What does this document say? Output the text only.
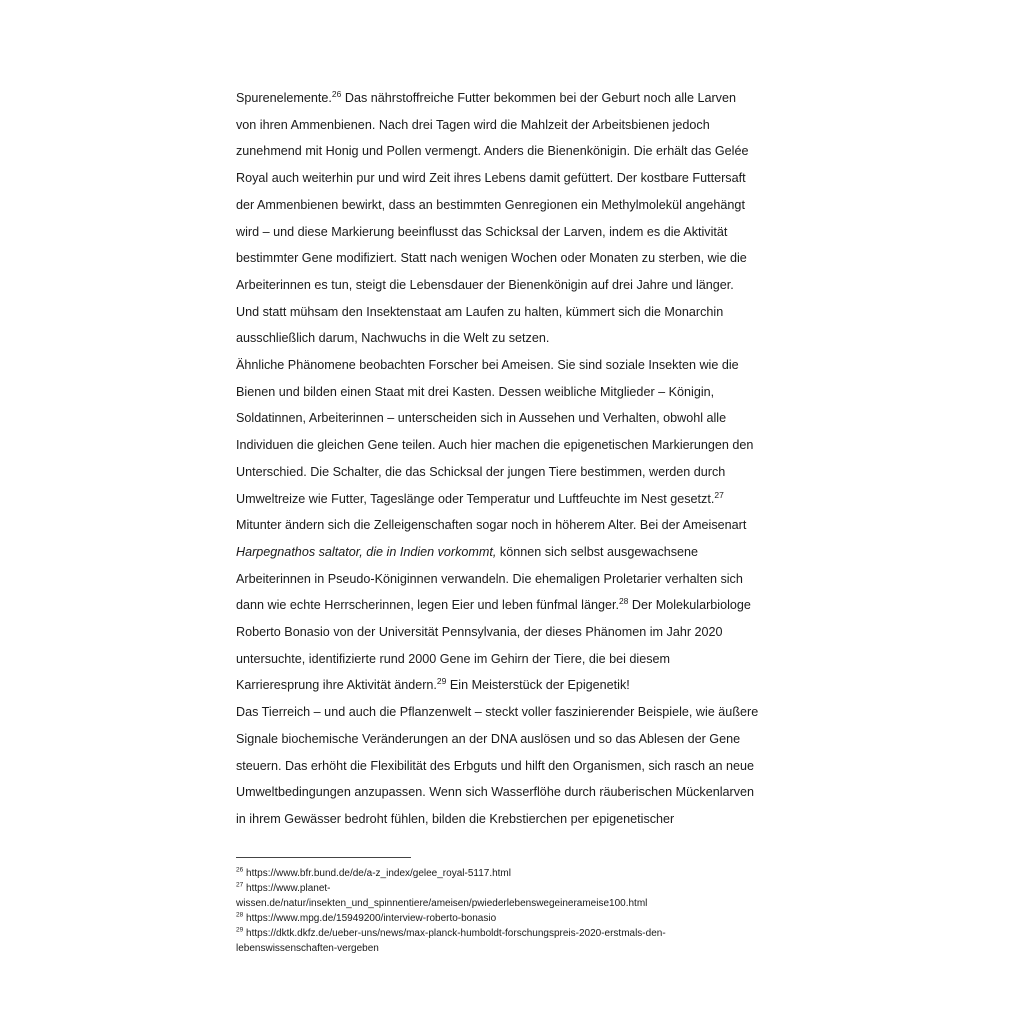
Spurenelemente.$^{26}$ Das nährstoffreiche Futter bekommen bei der Geburt noch alle Larven
von ihren Ammenbienen. Nach drei Tagen wird die Mahlzeit der Arbeitsbienen jedoch
zunehmend mit Honig und Pollen vermengt. Anders die Bienenkönigin. Die erhält das Gelée
Royal auch weiterhin pur und wird Zeit ihres Lebens damit gefüttert. Der kostbare Futtersaft
der Ammenbienen bewirkt, dass an bestimmten Genregionen ein Methylmolekül angehängt
wird – und diese Markierung beeinflusst das Schicksal der Larven, indem es die Aktivität
bestimmter Gene modifiziert. Statt nach wenigen Wochen oder Monaten zu sterben, wie die
Arbeiterinnen es tun, steigt die Lebensdauer der Bienenkönigin auf drei Jahre und länger.
Und statt mühsam den Insektenstaat am Laufen zu halten, kümmert sich die Monarchin
ausschließlich darum, Nachwuchs in die Welt zu setzen.
Ähnliche Phänomene beobachten Forscher bei Ameisen. Sie sind soziale Insekten wie die
Bienen und bilden einen Staat mit drei Kasten. Dessen weibliche Mitglieder – Königin,
Soldatinnen, Arbeiterinnen – unterscheiden sich in Aussehen und Verhalten, obwohl alle
Individuen die gleichen Gene teilen. Auch hier machen die epigenetischen Markierungen den
Unterschied. Die Schalter, die das Schicksal der jungen Tiere bestimmen, werden durch
Umweltreize wie Futter, Tageslänge oder Temperatur und Luftfeuchte im Nest gesetzt.$^{27}$
Mitunter ändern sich die Zelleigenschaften sogar noch in höherem Alter. Bei der Ameisenart
Harpegnathos saltator, die in Indien vorkommt, können sich selbst ausgewachsene
Arbeiterinnen in Pseudo-Königinnen verwandeln. Die ehemaligen Proletarier verhalten sich
dann wie echte Herrscherinnen, legen Eier und leben fünfmal länger.$^{28}$ Der Molekularbiologe
Roberto Bonasio von der Universität Pennsylvania, der dieses Phänomen im Jahr 2020
untersuchte, identifizierte rund 2000 Gene im Gehirn der Tiere, die bei diesem
Karrieresprung ihre Aktivität ändern.$^{29}$ Ein Meisterstück der Epigenetik!
Das Tierreich – und auch die Pflanzenwelt – steckt voller faszinierender Beispiele, wie äußere
Signale biochemische Veränderungen an der DNA auslösen und so das Ablesen der Gene
steuern. Das erhöht die Flexibilität des Erbguts und hilft den Organismen, sich rasch an neue
Umweltbedingungen anzupassen. Wenn sich Wasserflöhe durch räuberischen Mückenlarven
in ihrem Gewässer bedroht fühlen, bilden die Krebstierchen per epigenetischer
$^{26}$ https://www.bfr.bund.de/de/a-z_index/gelee_royal-5117.html
$^{27}$ https://www.planet-
wissen.de/natur/insekten_und_spinnentiere/ameisen/pwiederlebenswegeinerameise100.html
$^{28}$ https://www.mpg.de/15949200/interview-roberto-bonasio
$^{29}$ https://dktk.dkfz.de/ueber-uns/news/max-planck-humboldt-forschungspreis-2020-erstmals-den-
lebenswissenschaften-vergeben
